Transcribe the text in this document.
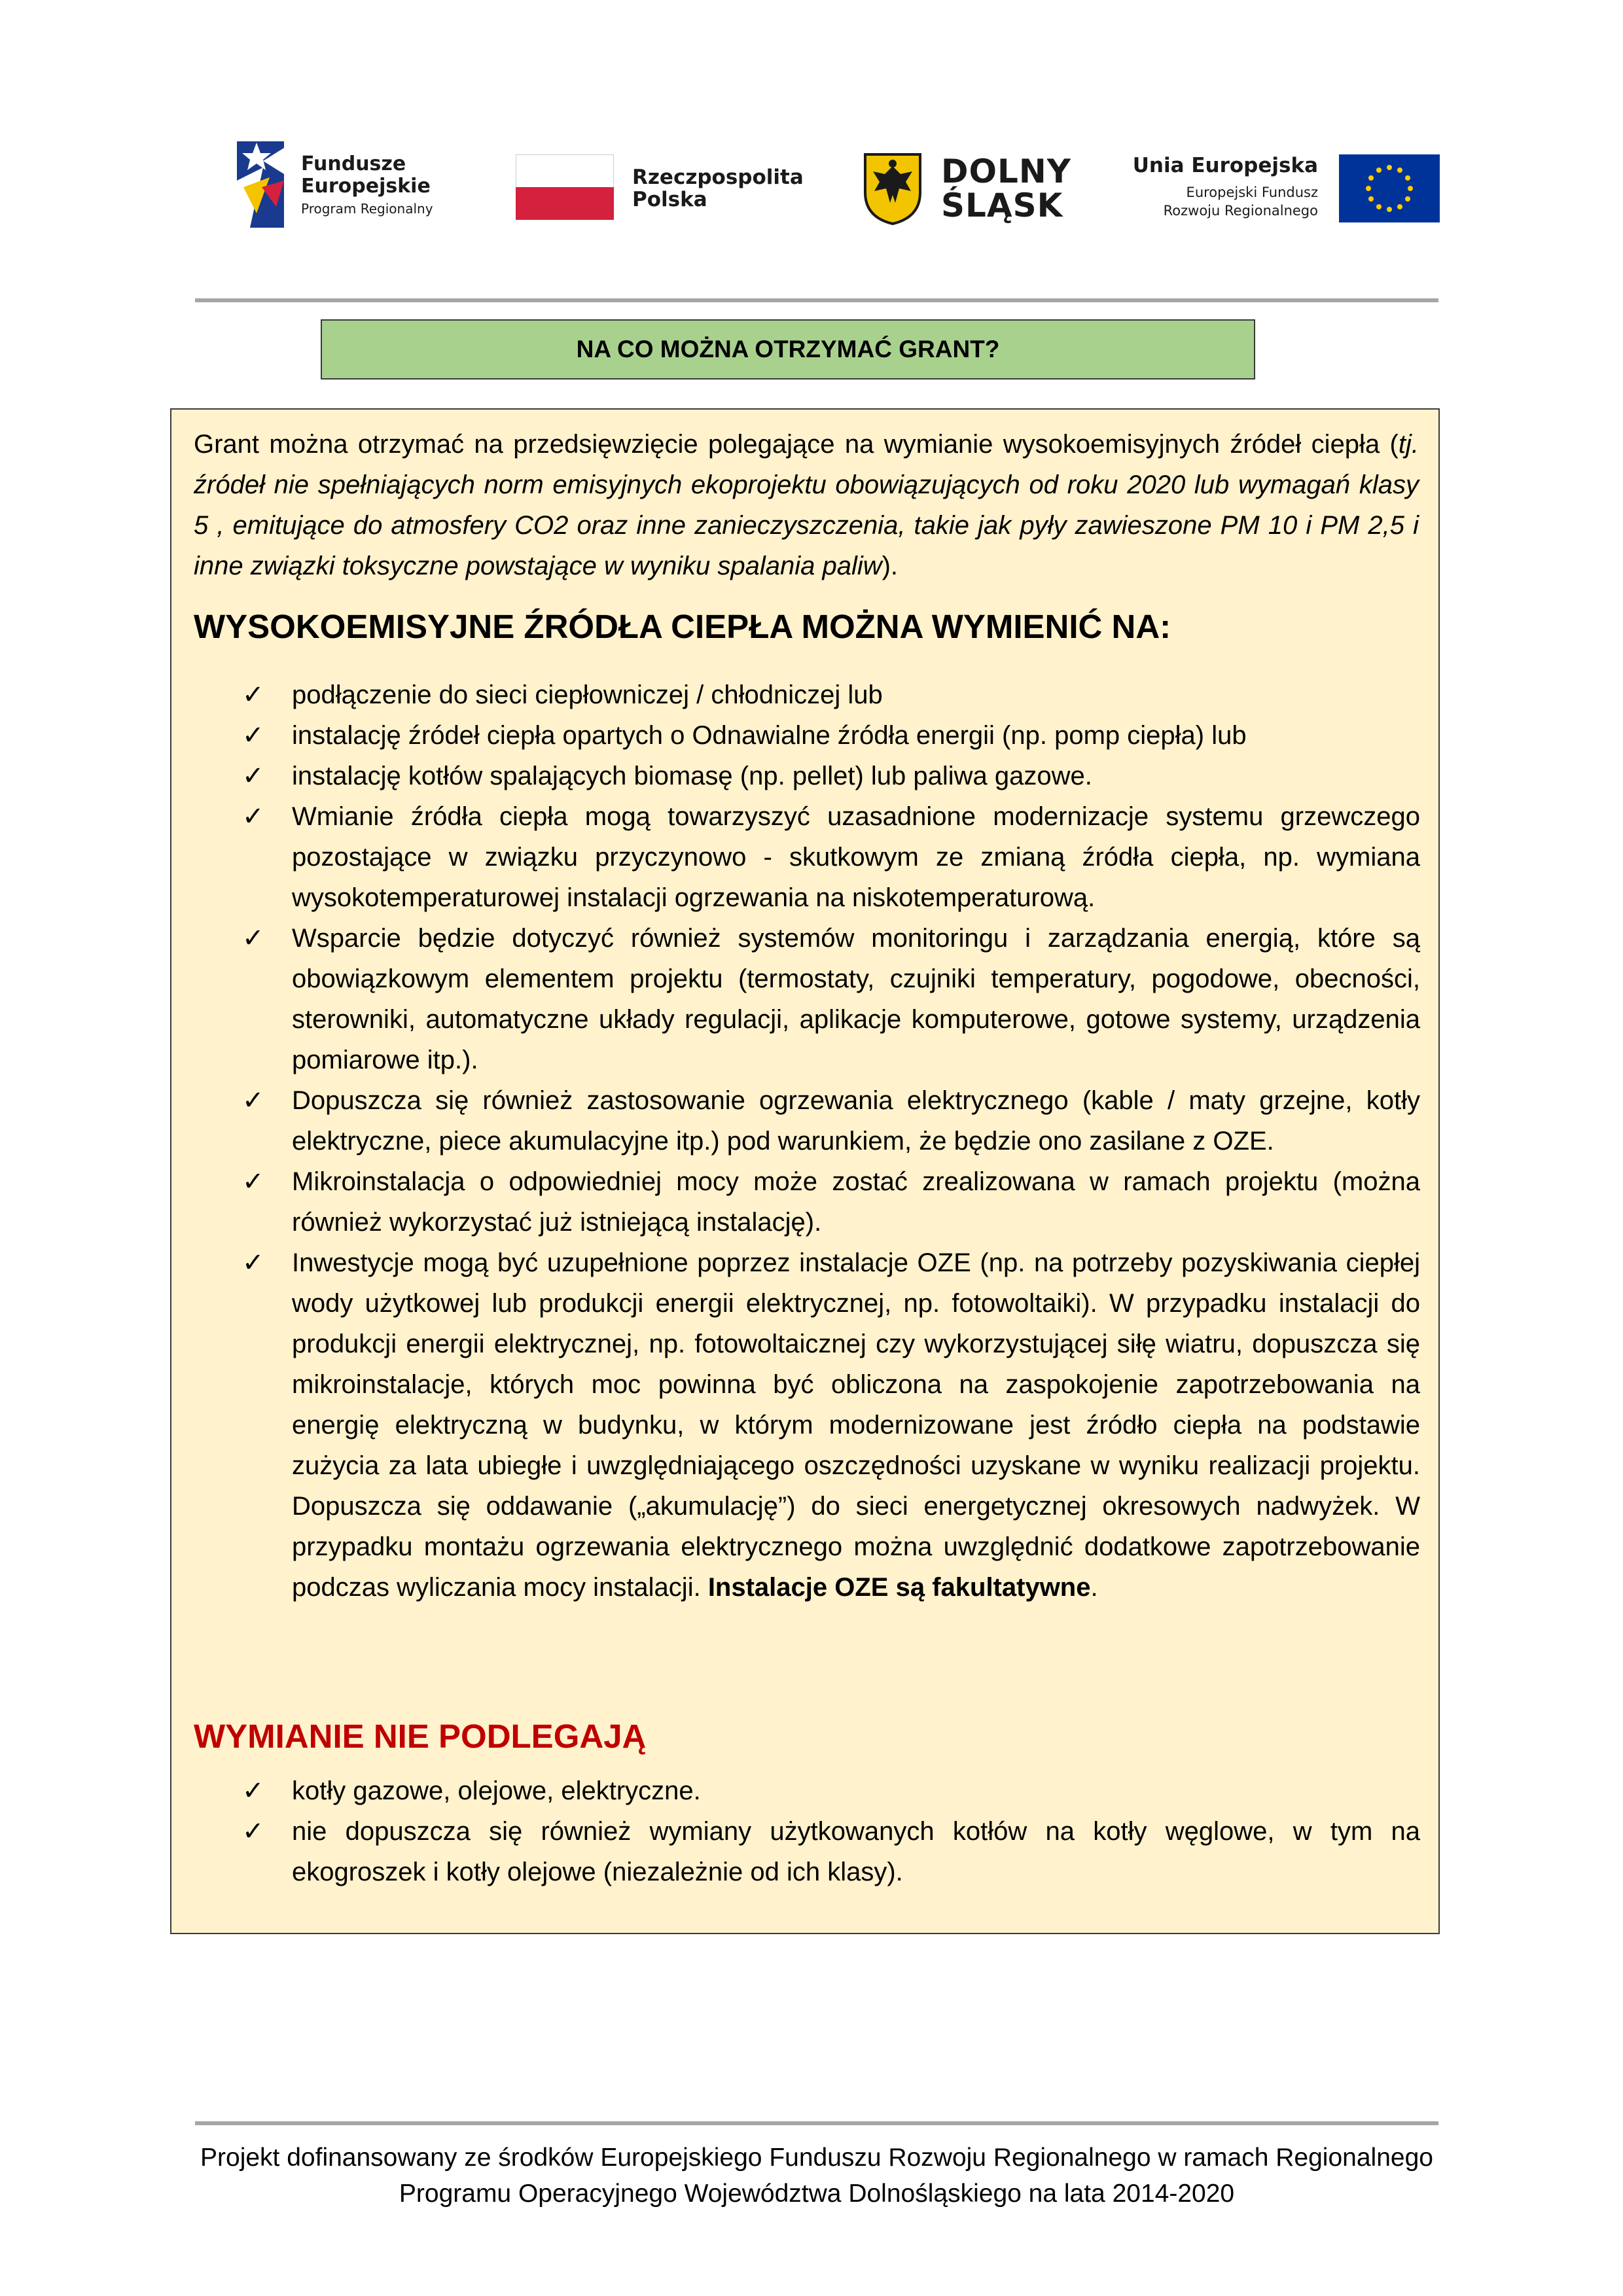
Fundusze
Europejskie
Program Regionalny
Rzeczpospolita
Polska
DOLNY
ŚLĄSK
Unia Europejska
Europejski Fundusz
Rozwoju Regionalnego
NA CO MOŻNA OTRZYMAĆ GRANT?

Grant można otrzymać na przedsięwzięcie polegające na wymianie wysokoemisyjnych źródeł ciepła (tj. źródeł nie spełniających norm emisyjnych ekoprojektu obowiązujących od roku 2020 lub wymagań klasy 5 , emitujące do atmosfery CO2 oraz inne zanieczyszczenia, takie jak pyły zawieszone PM 10 i PM 2,5 i inne związki toksyczne powstające w wyniku spalania paliw).

WYSOKOEMISYJNE ŹRÓDŁA CIEPŁA MOŻNA WYMIENIĆ NA:
✓ podłączenie do sieci ciepłowniczej / chłodniczej lub
✓ instalację źródeł ciepła opartych o Odnawialne źródła energii (np. pomp ciepła) lub
✓ instalację kotłów spalających biomasę (np. pellet) lub paliwa gazowe.
✓ Wmianie źródła ciepła mogą towarzyszyć uzasadnione modernizacje systemu grzewczego pozostające w związku przyczynowo - skutkowym ze zmianą źródła ciepła, np. wymiana wysokotemperaturowej instalacji ogrzewania na niskotemperaturową.
✓ Wsparcie będzie dotyczyć również systemów monitoringu i zarządzania energią, które są obowiązkowym elementem projektu (termostaty, czujniki temperatury, pogodowe, obecności, sterowniki, automatyczne układy regulacji, aplikacje komputerowe, gotowe systemy, urządzenia pomiarowe itp.).
✓ Dopuszcza się również zastosowanie ogrzewania elektrycznego (kable / maty grzejne, kotły elektryczne, piece akumulacyjne itp.) pod warunkiem, że będzie ono zasilane z OZE.
✓ Mikroinstalacja o odpowiedniej mocy może zostać zrealizowana w ramach projektu (można również wykorzystać już istniejącą instalację).
✓ Inwestycje mogą być uzupełnione poprzez instalacje OZE (np. na potrzeby pozyskiwania ciepłej wody użytkowej lub produkcji energii elektrycznej, np. fotowoltaiki). W przypadku instalacji do produkcji energii elektrycznej, np. fotowoltaicznej czy wykorzystującej siłę wiatru, dopuszcza się mikroinstalacje, których moc powinna być obliczona na zaspokojenie zapotrzebowania na energię elektryczną w budynku, w którym modernizowane jest źródło ciepła na podstawie zużycia za lata ubiegłe i uwzględniającego oszczędności uzyskane w wyniku realizacji projektu. Dopuszcza się oddawanie („akumulację”) do sieci energetycznej okresowych nadwyżek. W przypadku montażu ogrzewania elektrycznego można uwzględnić dodatkowe zapotrzebowanie podczas wyliczania mocy instalacji. Instalacje OZE są fakultatywne.
WYMIANIE NIE PODLEGAJĄ
✓ kotły gazowe, olejowe, elektryczne.
✓ nie dopuszcza się również wymiany użytkowanych kotłów na kotły węglowe, w tym na ekogroszek i kotły olejowe (niezależnie od ich klasy).
Projekt dofinansowany ze środków Europejskiego Funduszu Rozwoju Regionalnego w ramach Regionalnego
Programu Operacyjnego Województwa Dolnośląskiego na lata 2014-2020
